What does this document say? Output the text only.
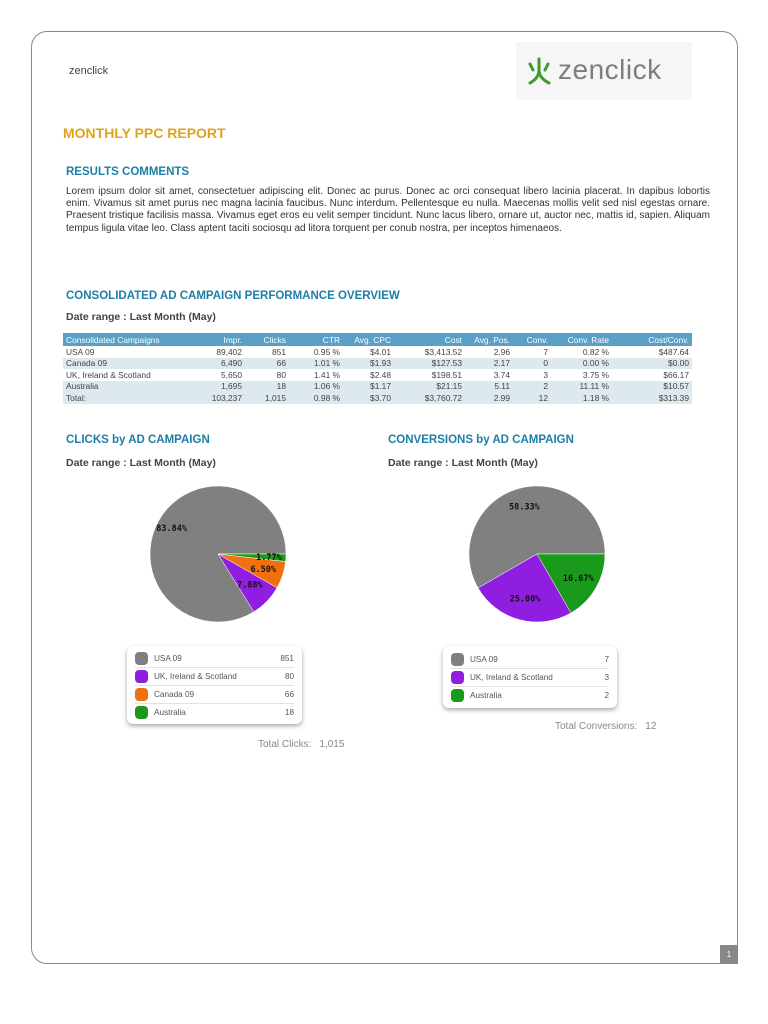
zenclick	zenclick
MONTHLY PPC REPORT
RESULTS COMMENTS

Lorem ipsum dolor sit amet, consectetuer adipiscing elit. Donec ac purus. Donec ac orci consequat libero lacinia placerat. In dapibus lobortis enim. Vivamus sit amet purus nec magna lacinia faucibus. Nunc interdum. Pellentesque eu nulla. Maecenas mollis velit sed nisl egestas ornare. Praesent tristique facilisis massa. Vivamus eget eros eu velit semper tincidunt. Nunc lacus libero, ornare ut, auctor nec, mattis id, sapien. Aliquam tempus ligula vitae leo. Class aptent taciti sociosqu ad litora torquent per conub nostra, per inceptos himenaeos.

CONSOLIDATED AD CAMPAIGN PERFORMANCE OVERVIEW
Date range : Last Month (May)
Consolidated Campaigns	Impr.	Clicks	CTR	Avg. CPC	Cost	Avg. Pos.	Conv.	Conv. Rate	Cost/Conv.
USA 09	89,402	851	0.95 %	$4.01	$3,413.52	2.96	7	0.82 %	$487.64
Canada 09	6,490	66	1.01 %	$1.93	$127.53	2.17	0	0.00 %	$0.00
UK, Ireland & Scotland	5,650	80	1.41 %	$2.48	$198.51	3.74	3	3.75 %	$66.17
Australia	1,695	18	1.06 %	$1.17	$21.15	5.11	2	11.11 %	$10.57
Total:	103,237	1,015	0.98 %	$3.70	$3,760.72	2.99	12	1.18 %	$313.39
CLICKS by AD CAMPAIGN
Date range : Last Month (May)
83.84%
7.88%
6.50%
1.77%
USA 09	851
UK, Ireland & Scotland	80
Canada 09	66
Australia	18
Total Clicks: 1,015
CONVERSIONS by AD CAMPAIGN
Date range : Last Month (May)
58.33%
25.00%
16.67%
USA 09	7
UK, Ireland & Scotland	3
Australia	2
Total Conversions: 12
1
